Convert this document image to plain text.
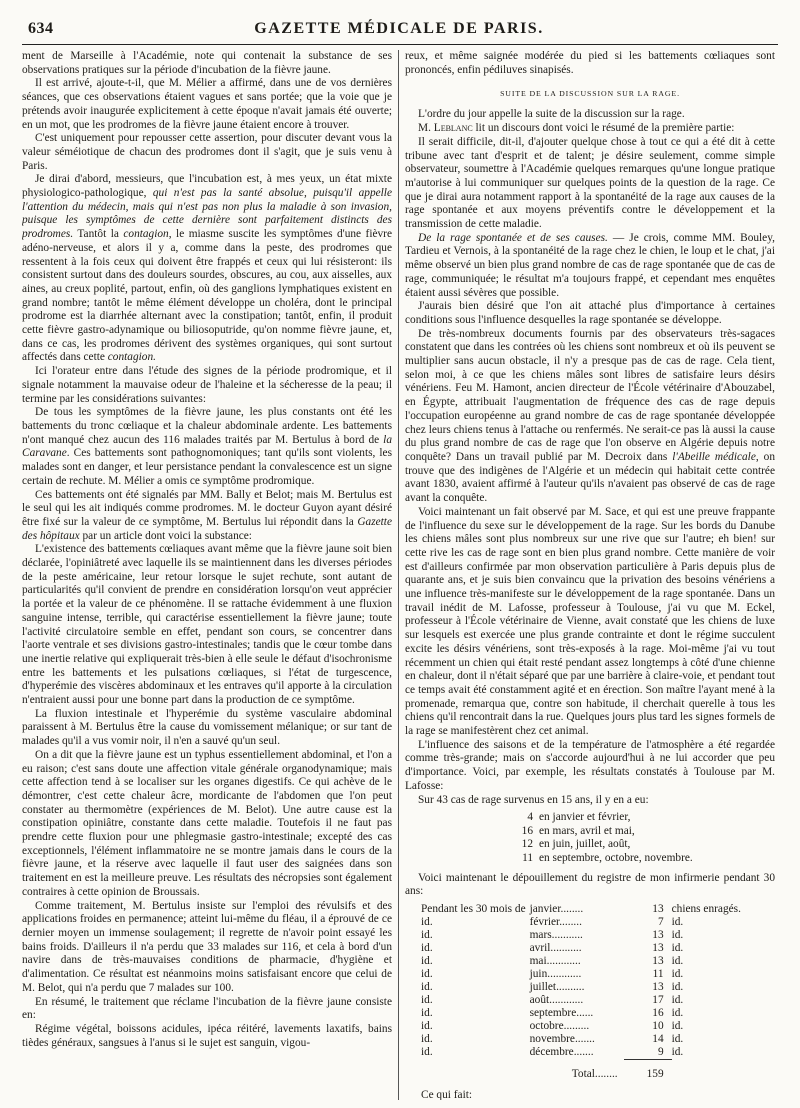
634	GAZETTE MÉDICALE DE PARIS.

ment de Marseille à l'Académie, note qui contenait la substance de ses observations pratiques sur la période d'incubation de la fièvre jaune.

Il est arrivé, ajoute-t-il, que M. Mélier a affirmé, dans une de vos dernières séances, que ces observations étaient vagues et sans portée; que la voie que je prétends avoir inaugurée explicitement à cette époque n'avait jamais été ouverte; en un mot, que les prodromes de la fièvre jaune étaient encore à trouver.

C'est uniquement pour repousser cette assertion, pour discuter devant vous la valeur séméiotique de chacun des prodromes dont il s'agit, que je suis venu à Paris.

Je dirai d'abord, messieurs, que l'incubation est, à mes yeux, un état mixte physiologico-pathologique, qui n'est pas la santé absolue, puisqu'il appelle l'attention du médecin, mais qui n'est pas non plus la maladie à son invasion, puisque les symptômes de cette dernière sont parfaitement distincts des prodromes. Tantôt la contagion, le miasme suscite les symptômes d'une fièvre adéno-nerveuse, et alors il y a, comme dans la peste, des prodromes que ressentent à la fois ceux qui doivent être frappés et ceux qui lui résisteront: ils consistent surtout dans des douleurs sourdes, obscures, au cou, aux aisselles, aux aines, au creux poplité, partout, enfin, où des ganglions lymphatiques existent en grand nombre; tantôt le même élément développe un choléra, dont le principal prodrome est la diarrhée alternant avec la constipation; tantôt, enfin, il produit cette fièvre gastro-adynamique ou biliosoputride, qu'on nomme fièvre jaune, et, dans ce cas, les prodromes dérivent des systèmes organiques, qui sont surtout affectés dans cette contagion.

Ici l'orateur entre dans l'étude des signes de la période prodromique, et il signale notamment la mauvaise odeur de l'haleine et la sécheresse de la peau; il termine par les considérations suivantes:

De tous les symptômes de la fièvre jaune, les plus constants ont été les battements du tronc cœliaque et la chaleur abdominale ardente. Les battements n'ont manqué chez aucun des 116 malades traités par M. Bertulus à bord de la Caravane. Ces battements sont pathognomoniques; tant qu'ils sont violents, les malades sont en danger, et leur persistance pendant la convalescence est un signe certain de rechute. M. Mélier a omis ce symptôme prodromique.

Ces battements ont été signalés par MM. Bally et Belot; mais M. Bertulus est le seul qui les ait indiqués comme prodromes. M. le docteur Guyon ayant désiré être fixé sur la valeur de ce symptôme, M. Bertulus lui répondit dans la Gazette des hôpitaux par un article dont voici la substance:

L'existence des battements cœliaques avant même que la fièvre jaune soit bien déclarée, l'opiniâtreté avec laquelle ils se maintiennent dans les diverses périodes de la peste américaine, leur retour lorsque le sujet rechute, sont autant de particularités qu'il convient de prendre en considération lorsqu'on veut apprécier la portée et la valeur de ce phénomène. Il se rattache évidemment à une fluxion sanguine intense, terrible, qui caractérise essentiellement la fièvre jaune; toute l'activité circulatoire semble en effet, pendant son cours, se concentrer dans l'aorte ventrale et ses divisions gastro-intestinales; tandis que le cœur tombe dans une inertie relative qui expliquerait très-bien à elle seule le défaut d'isochronisme entre les battements et les pulsations cœliaques, si l'état de turgescence, d'hyperémie des viscères abdominaux et les entraves qu'il apporte à la circulation n'entraient aussi pour une bonne part dans la production de ce symptôme.

La fluxion intestinale et l'hyperémie du système vasculaire abdominal paraissent à M. Bertulus être la cause du vomissement mélanique; or sur tant de malades qu'il a vus vomir noir, il n'en a sauvé qu'un seul.

On a dit que la fièvre jaune est un typhus essentiellement abdominal, et l'on a eu raison; c'est sans doute une affection vitale générale organodynamique; mais cette affection tend à se localiser sur les organes digestifs. Ce qui achève de le démontrer, c'est cette chaleur âcre, mordicante de l'abdomen que l'on peut constater au thermomètre (expériences de M. Belot). Une autre cause est la constipation opiniâtre, constante dans cette maladie. Toutefois il ne faut pas prendre cette fluxion pour une phlegmasie gastro-intestinale; excepté des cas exceptionnels, l'élément inflammatoire ne se montre jamais dans le cours de la fièvre jaune, et la réserve avec laquelle il faut user des saignées dans son traitement en est la meilleure preuve. Les résultats des nécropsies sont également contraires à cette opinion de Broussais.

Comme traitement, M. Bertulus insiste sur l'emploi des révulsifs et des applications froides en permanence; atteint lui-même du fléau, il a éprouvé de ce dernier moyen un immense soulagement; il regrette de n'avoir point essayé les bains froids. D'ailleurs il n'a perdu que 33 malades sur 116, et cela à bord d'un navire dans de très-mauvaises conditions de pharmacie, d'hygiène et d'alimentation. Ce résultat est néanmoins moins satisfaisant encore que celui de M. Belot, qui n'a perdu que 7 malades sur 100.

En résumé, le traitement que réclame l'incubation de la fièvre jaune consiste en:

Régime végétal, boissons acidules, ipéca réitéré, lavements laxatifs, bains tièdes généraux, sangsues à l'anus si le sujet est sanguin, vigou-

reux, et même saignée modérée du pied si les battements cœliaques sont prononcés, enfin pédiluves sinapisés.

SUITE DE LA DISCUSSION SUR LA RAGE.

L'ordre du jour appelle la suite de la discussion sur la rage.

M. Leblanc lit un discours dont voici le résumé de la première partie:

Il serait difficile, dit-il, d'ajouter quelque chose à tout ce qui a été dit à cette tribune avec tant d'esprit et de talent; je désire seulement, comme simple observateur, soumettre à l'Académie quelques remarques qu'une longue pratique m'autorise à lui communiquer sur quelques points de la question de la rage. Ce que je dirai aura notamment rapport à la spontanéité de la rage aux causes de la rage spontanée et aux moyens préventifs contre le développement et la transmission de cette maladie.

De la rage spontanée et de ses causes. — Je crois, comme MM. Bouley, Tardieu et Vernois, à la spontanéité de la rage chez le chien, le loup et le chat, j'ai même observé un bien plus grand nombre de cas de rage spontanée que de cas de rage, communiquée; le résultat m'a toujours frappé, et cependant mes enquêtes étaient aussi sévères que possible.

J'aurais bien désiré que l'on ait attaché plus d'importance à certaines conditions sous l'influence desquelles la rage spontanée se développe.

De très-nombreux documents fournis par des observateurs très-sagaces constatent que dans les contrées où les chiens sont nombreux et où ils peuvent se multiplier sans aucun obstacle, il n'y a presque pas de cas de rage. Cela tient, selon moi, à ce que les chiens mâles sont libres de satisfaire leurs désirs vénériens. Feu M. Hamont, ancien directeur de l'École vétérinaire d'Abouzabel, en Égypte, attribuait l'augmentation de fréquence des cas de rage depuis l'occupation européenne au grand nombre de cas de rage spontanée développée chez leurs chiens tenus à l'attache ou renfermés. Ne serait-ce pas là aussi la cause du plus grand nombre de cas de rage que l'on observe en Algérie depuis notre conquête? Dans un travail publié par M. Decroix dans l'Abeille médicale, on trouve que des indigènes de l'Algérie et un médecin qui habitait cette contrée avant 1830, avaient affirmé à l'auteur qu'ils n'avaient pas observé de cas de rage avant la conquête.

Voici maintenant un fait observé par M. Sace, et qui est une preuve frappante de l'influence du sexe sur le développement de la rage. Sur les bords du Danube les chiens mâles sont plus nombreux sur une rive que sur l'autre; eh bien! sur cette rive les cas de rage sont en bien plus grand nombre. Cette manière de voir est d'ailleurs confirmée par mon observation particulière à Paris depuis plus de quarante ans, et je suis bien convaincu que la privation des besoins vénériens a une influence très-manifeste sur le développement de la rage spontanée. Dans un travail inédit de M. Lafosse, professeur à Toulouse, j'ai vu que M. Eckel, professeur à l'École vétérinaire de Vienne, avait constaté que les chiens de luxe sur lesquels est exercée une plus grande contrainte et dont le régime succulent excite les désirs vénériens, sont très-exposés à la rage. Moi-même j'ai vu tout récemment un chien qui était resté pendant assez longtemps à côté d'une chienne en chaleur, dont il n'était séparé que par une barrière à claire-voie, et pendant tout ce temps avait été constamment agité et en érection. Son maître l'ayant mené à la promenade, remarqua que, contre son habitude, il cherchait querelle à tous les chiens qu'il rencontrait dans la rue. Quelques jours plus tard les signes formels de la rage se manifestèrent chez cet animal.

L'influence des saisons et de la température de l'atmosphère a été regardée comme très-grande; mais on s'accorde aujourd'hui à ne lui accorder que peu d'importance. Voici, par exemple, les résultats constatés à Toulouse par M. Lafosse:

Sur 43 cas de rage survenus en 15 ans, il y en a eu:

4 en janvier et février,
16 en mars, avril et mai,
12 en juin, juillet, août,
11 en septembre, octobre, novembre.

Voici maintenant le dépouillement du registre de mon infirmerie pendant 30 ans:

Pendant les 30 mois de	janvier........	13	chiens enragés.
id.	février........	7	id.
id.	mars...........	13	id.
id.	avril...........	13	id.
id.	mai............	13	id.
id.	juin............	11	id.
id.	juillet..........	13	id.
id.	août............	17	id.
id.	septembre......	16	id.
id.	octobre.........	10	id.
id.	novembre.......	14	id.
id.	décembre.......	9	id.
	Total........	159	

Ce qui fait:
